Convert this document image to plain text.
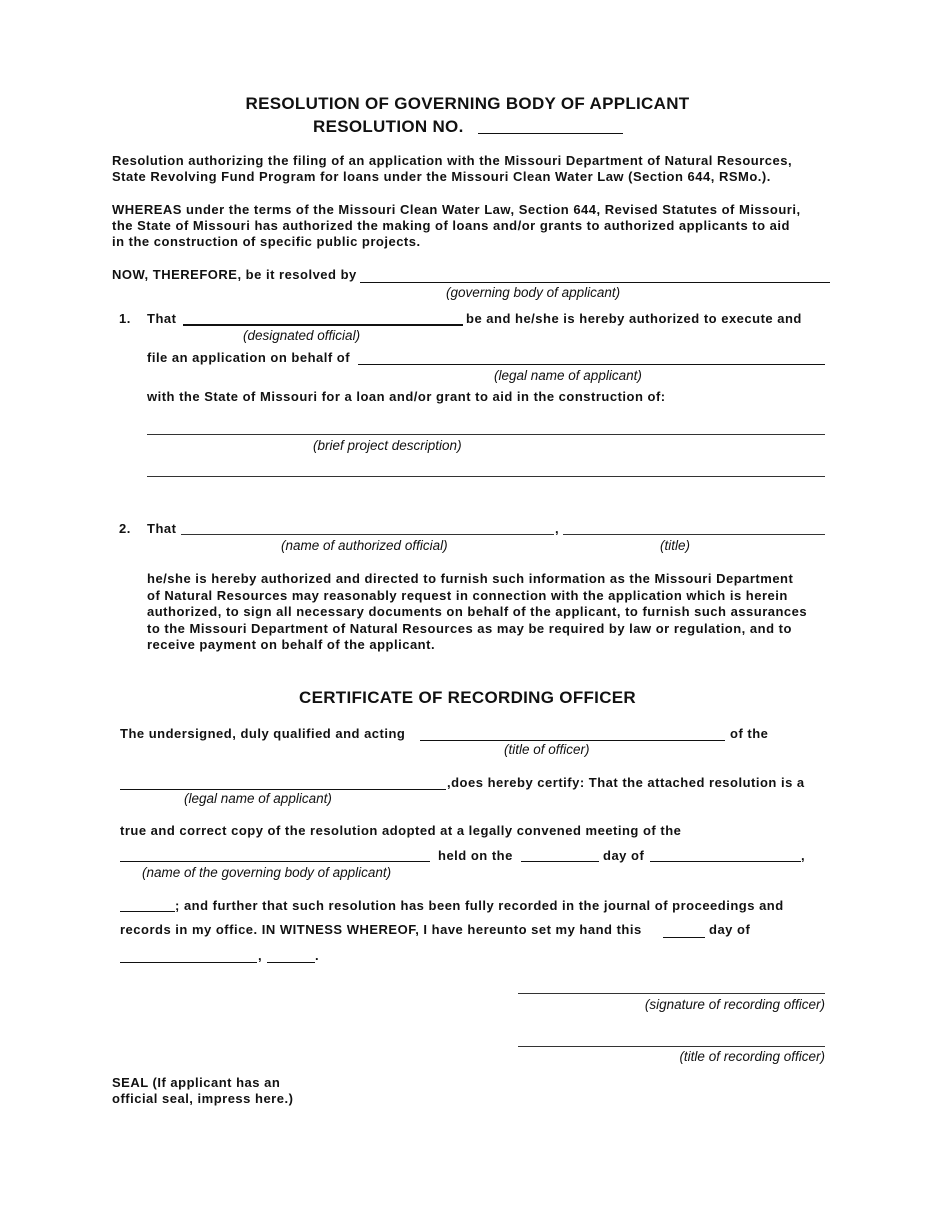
RESOLUTION OF GOVERNING BODY OF APPLICANT
RESOLUTION NO.
Resolution authorizing the filing of an application with the Missouri Department of Natural Resources,
State Revolving Fund Program for loans under the Missouri Clean Water Law (Section 644, RSMo.).
WHEREAS under the terms of the Missouri Clean Water Law, Section 644, Revised Statutes of Missouri,
the State of Missouri has authorized the making of loans and/or grants to authorized applicants to aid
in the construction of specific public projects.
NOW, THEREFORE, be it resolved by
(governing body of applicant)
1. That	be and he/she is hereby authorized to execute and
(designated official)
file an application on behalf of
(legal name of applicant)
with the State of Missouri for a loan and/or grant to aid in the construction of:
(brief project description)
2. That	,
(name of authorized official)	(title)
he/she is hereby authorized and directed to furnish such information as the Missouri Department
of Natural Resources may reasonably request in connection with the application which is herein
authorized, to sign all necessary documents on behalf of the applicant, to furnish such assurances
to the Missouri Department of Natural Resources as may be required by law or regulation, and to
receive payment on behalf of the applicant.
CERTIFICATE OF RECORDING OFFICER
The undersigned, duly qualified and acting	of the
(title of officer)
,does hereby certify: That the attached resolution is a
(legal name of applicant)
true and correct copy of the resolution adopted at a legally convened meeting of the
held on the	day of	,
(name of the governing body of applicant)
; and further that such resolution has been fully recorded in the journal of proceedings and
records in my office. IN WITNESS WHEREOF, I have hereunto set my hand this	day of
,	.
(signature of recording officer)
(title of recording officer)
SEAL (If applicant has an
official seal, impress here.)
